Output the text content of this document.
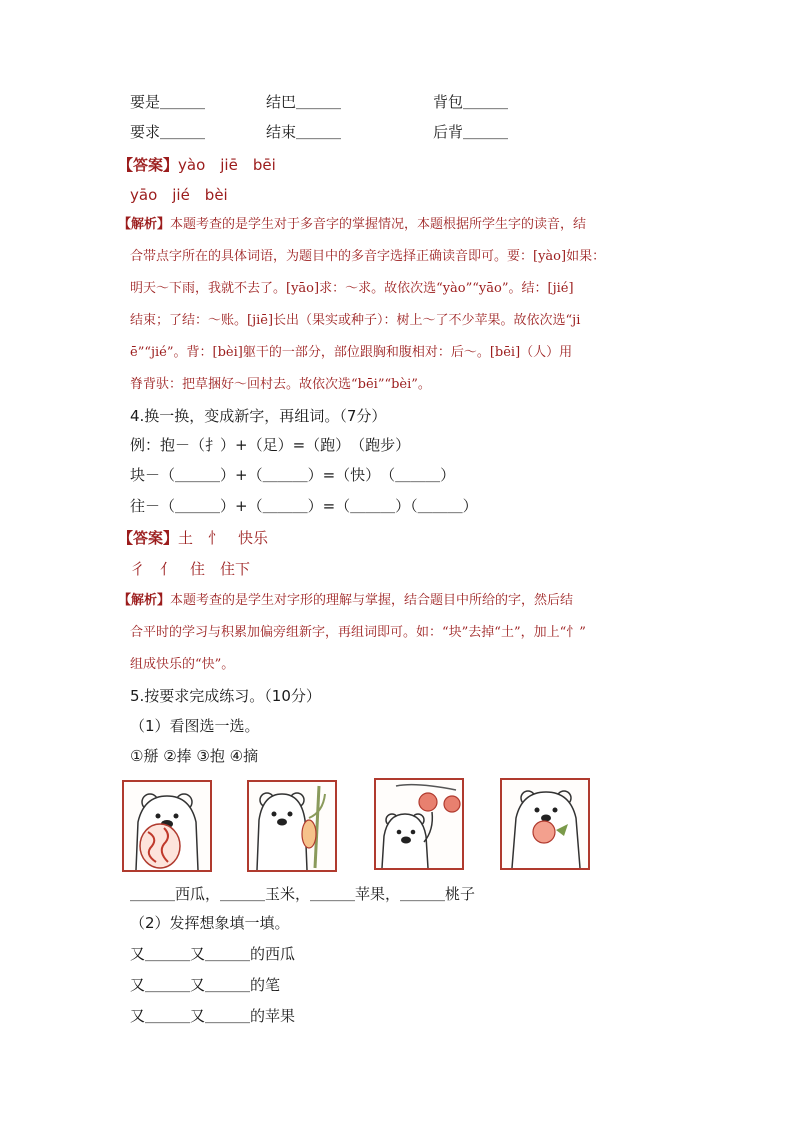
要是＿＿＿	结巴＿＿＿	背包＿＿＿
要求＿＿＿	结束＿＿＿	后背＿＿＿
【答案】yào　jiē　bēi
yāo　jié　bèi
【解析】本题考查的是学生对于多音字的掌握情况，本题根据所学生字的读音，结
合带点字所在的具体词语，为题目中的多音字选择正确读音即可。要：[yào]如果：
明天～下雨，我就不去了。[yāo]求：～求。故依次选“yào”“yāo”。结：[jié]
结束；了结：～账。[jiē]长出（果实或种子）：树上～了不少苹果。故依次选“ji
ē”“jié”。背：[bèi]躯干的一部分，部位跟胸和腹相对：后～。[bēi]（人）用
脊背驮：把草捆好～回村去。故依次选“bēi”“bèi”。
4.换一换，变成新字，再组词。（7分）
例：抱－（扌）+（足）=（跑）　（跑步）
块－（＿＿＿）+（＿＿＿）=（快）　（＿＿＿）
往－（＿＿＿）+（＿＿＿）=（＿＿＿）（＿＿＿）
【答案】土　忄　快乐
彳　亻　住　住下
【解析】本题考查的是学生对字形的理解与掌握，结合题目中所给的字，然后结
合平时的学习与积累加偏旁组新字，再组词即可。如：“块”去掉“土”，加上“忄”
组成快乐的“快”。
5.按要求完成练习。（10分）
（1）看图选一选。
①掰 ②捧 ③抱 ④摘
＿＿＿西瓜，＿＿＿玉米，＿＿＿苹果，＿＿＿桃子
（2）发挥想象填一填。
又＿＿＿又＿＿＿的西瓜
又＿＿＿又＿＿＿的笔
又＿＿＿又＿＿＿的苹果
